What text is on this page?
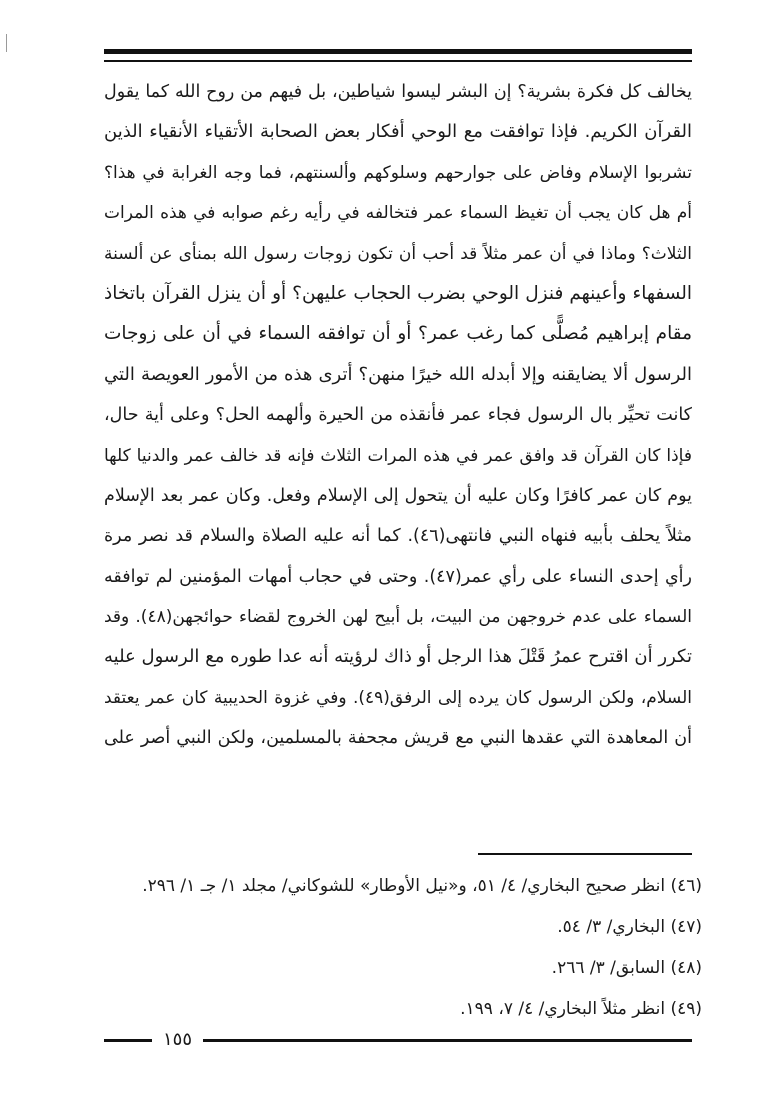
يخالف كل فكرة بشرية؟ إن البشر ليسوا شياطين، بل فيهم من روح الله كما يقول
القرآن الكريم. فإذا توافقت مع الوحي أفكار بعض الصحابة الأتقياء الأنقياء الذين
تشربوا الإسلام وفاض على جوارحهم وسلوكهم وألسنتهم، فما وجه الغرابة في هذا؟
أم هل كان يجب أن تغيظ السماء عمر فتخالفه في رأيه رغم صوابه في هذه المرات
الثلاث؟ وماذا في أن عمر مثلاً قد أحب أن تكون زوجات رسول الله بمنأى عن ألسنة
السفهاء وأعينهم فنزل الوحي بضرب الحجاب عليهن؟ أو أن ينزل القرآن باتخاذ
مقام إبراهيم مُصلًّى كما رغب عمر؟ أو أن توافقه السماء في أن على زوجات
الرسول ألا يضايقنه وإلا أبدله الله خيرًا منهن؟ أترى هذه من الأمور العويصة التي
كانت تحيِّر بال الرسول فجاء عمر فأنقذه من الحيرة وألهمه الحل؟ وعلى أية حال،
فإذا كان القرآن قد وافق عمر في هذه المرات الثلاث فإنه قد خالف عمر والدنيا كلها
يوم كان عمر كافرًا وكان عليه أن يتحول إلى الإسلام وفعل. وكان عمر بعد الإسلام
مثلاً يحلف بأبيه فنهاه النبي فانتهى(٤٦). كما أنه عليه الصلاة والسلام قد نصر مرة
رأي إحدى النساء على رأي عمر(٤٧). وحتى في حجاب أمهات المؤمنين لم توافقه
السماء على عدم خروجهن من البيت، بل أبيح لهن الخروج لقضاء حوائجهن(٤٨). وقد
تكرر أن اقترح عمرُ قَتْلَ هذا الرجل أو ذاك لرؤيته أنه عدا طوره مع الرسول عليه
السلام، ولكن الرسول كان يرده إلى الرفق(٤٩). وفي غزوة الحديبية كان عمر يعتقد
أن المعاهدة التي عقدها النبي مع قريش مجحفة بالمسلمين، ولكن النبي أصر على
(٤٦) انظر صحيح البخاري/ ٤/ ٥١، و«نيل الأوطار» للشوكاني/ مجلد ١/ جـ ١/ ٢٩٦.
(٤٧) البخاري/ ٣/ ٥٤.
(٤٨) السابق/ ٣/ ٢٦٦.
(٤٩) انظر مثلاً البخاري/ ٤/ ٧، ١٩٩.
١٥٥
